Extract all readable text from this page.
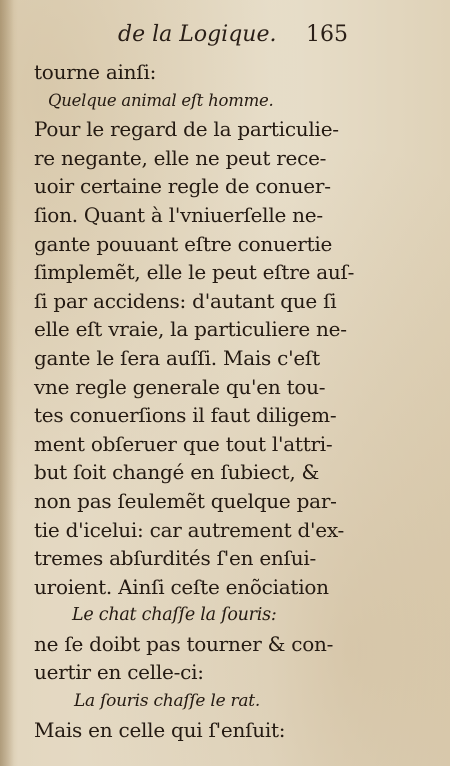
de la Logique. 165
tourne ainſi:
Quelque animal eſt homme.
Pour le regard de la particulie-
re negante, elle ne peut rece-
uoir certaine regle de conuer-
ſion. Quant à l'vniuerſelle ne-
gante pouuant eſtre conuertie
ſimplemẽt, elle le peut eſtre auſ-
ſi par accidens: d'autant que ſi
elle eſt vraie, la particuliere ne-
gante le ſera auſſi. Mais c'eſt
vne regle generale qu'en tou-
tes conuerſions il faut diligem-
ment obſeruer que tout l'attri-
but ſoit changé en ſubiect, &
non pas ſeulemẽt quelque par-
tie d'icelui: car autrement d'ex-
tremes abſurdités ſ'en enſui-
uroient. Ainſi ceſte enõciation
Le chat chaſſe la ſouris:
ne ſe doibt pas tourner & con-
uertir en celle-ci:
La ſouris chaſſe le rat.
Mais en celle qui ſ'enſuit:
